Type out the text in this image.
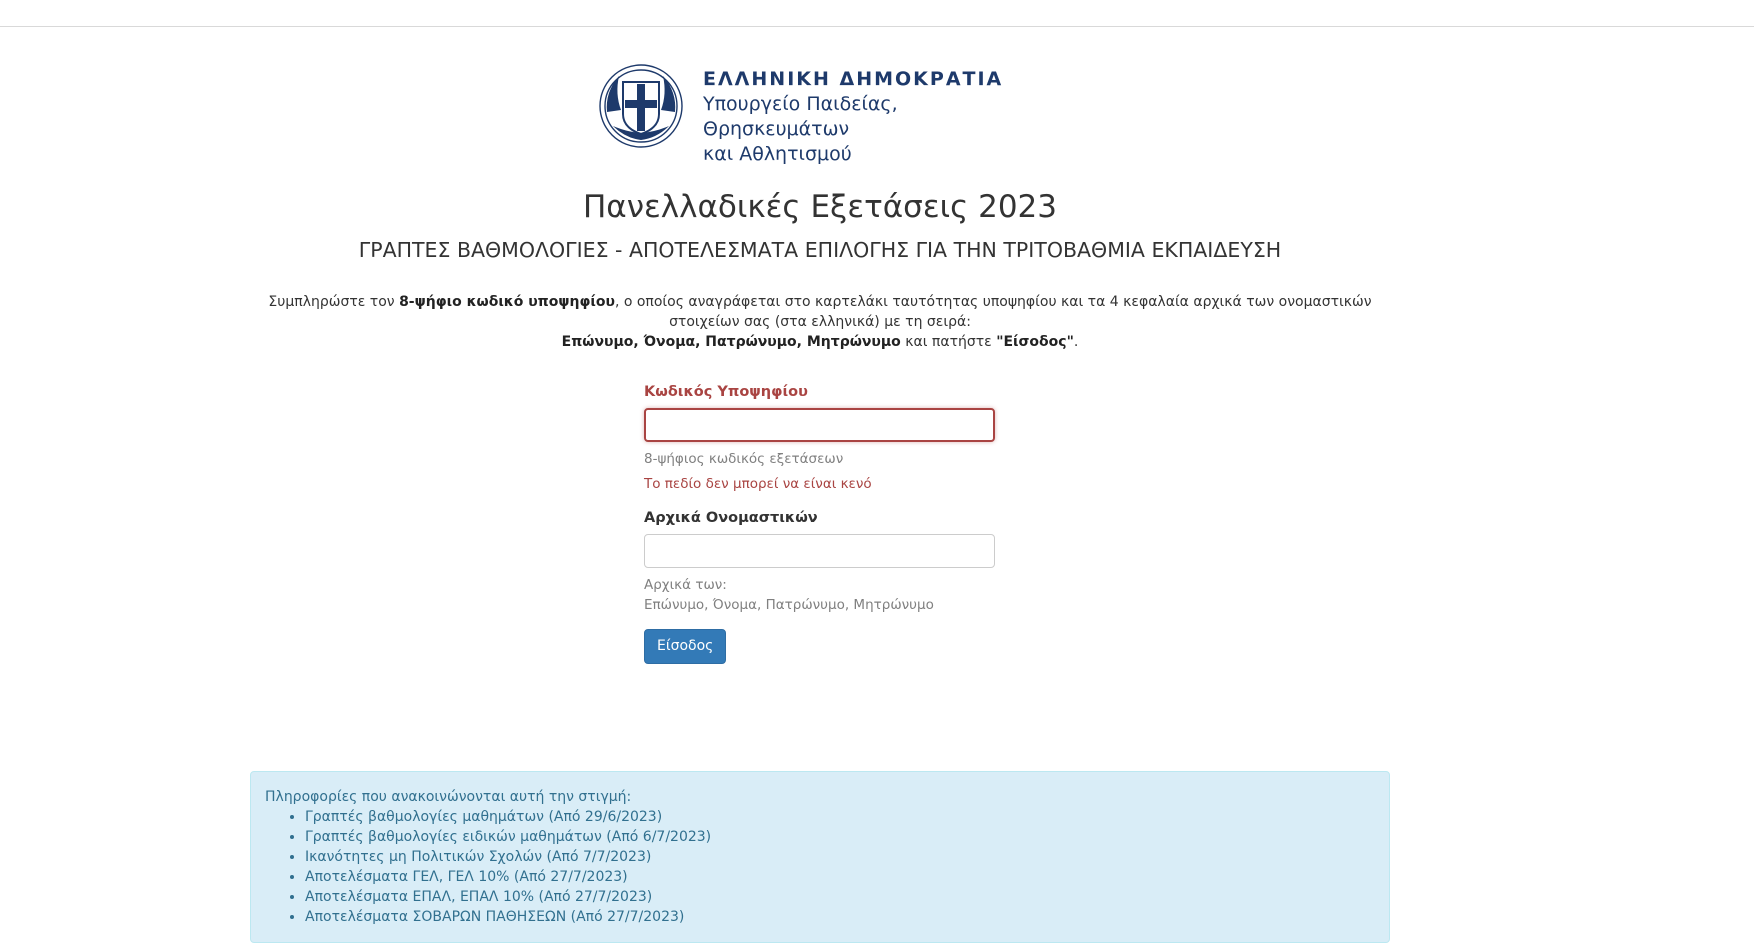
ΕΛΛΗΝΙΚΗ ΔΗΜΟΚΡΑΤΙΑ
Υπουργείο Παιδείας, Θρησκευμάτων
και Αθλητισμού
Πανελλαδικές Εξετάσεις 2023
ΓΡΑΠΤΕΣ ΒΑΘΜΟΛΟΓΙΕΣ - ΑΠΟΤΕΛΕΣΜΑΤΑ ΕΠΙΛΟΓΗΣ ΓΙΑ ΤΗΝ ΤΡΙΤΟΒΑΘΜΙΑ ΕΚΠΑΙΔΕΥΣΗ
Συμπληρώστε τον 8-ψήφιο κωδικό υποψηφίου, ο οποίος αναγράφεται στο καρτελάκι ταυτότητας υποψηφίου και τα 4 κεφαλαία αρχικά των ονομαστικών στοιχείων σας (στα ελληνικά) με τη σειρά:
Επώνυμο, Όνομα, Πατρώνυμο, Μητρώνυμο και πατήστε "Είσοδος".
Κωδικός Υποψηφίου
8-ψήφιος κωδικός εξετάσεων
Το πεδίο δεν μπορεί να είναι κενό
Αρχικά Ονομαστικών
Αρχικά των:
Επώνυμο, Όνομα, Πατρώνυμο, Μητρώνυμο
Είσοδος
Πληροφορίες που ανακοινώνονται αυτή την στιγμή:
• Γραπτές βαθμολογίες μαθημάτων (Από 29/6/2023)
• Γραπτές βαθμολογίες ειδικών μαθημάτων (Από 6/7/2023)
• Ικανότητες μη Πολιτικών Σχολών (Από 7/7/2023)
• Αποτελέσματα ΓΕΛ, ΓΕΛ 10% (Από 27/7/2023)
• Αποτελέσματα ΕΠΑΛ, ΕΠΑΛ 10% (Από 27/7/2023)
• Αποτελέσματα ΣΟΒΑΡΩΝ ΠΑΘΗΣΕΩΝ (Από 27/7/2023)
